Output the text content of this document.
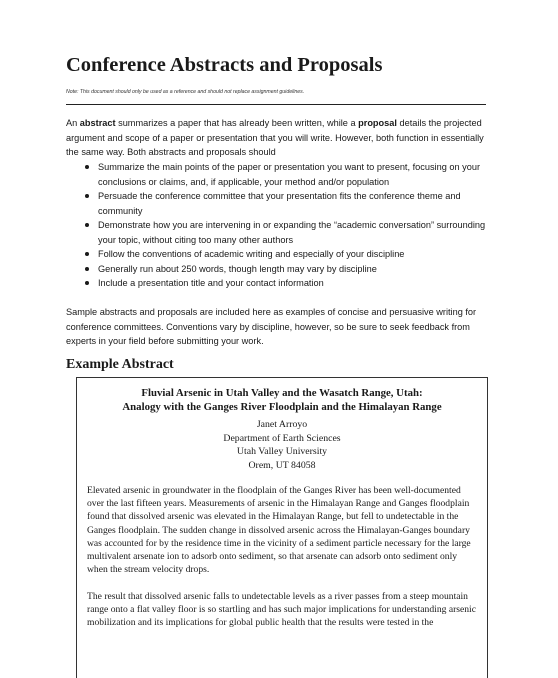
Conference Abstracts and Proposals
Note: This document should only be used as a reference and should not replace assignment guidelines.

An abstract summarizes a paper that has already been written, while a proposal details the projected argument and scope of a paper or presentation that you will write. However, both function in essentially the same way. Both abstracts and proposals should

Summarize the main points of the paper or presentation you want to present, focusing on your conclusions or claims, and, if applicable, your method and/or population
Persuade the conference committee that your presentation fits the conference theme and community
Demonstrate how you are intervening in or expanding the “academic conversation” surrounding your topic, without citing too many other authors
Follow the conventions of academic writing and especially of your discipline
Generally run about 250 words, though length may vary by discipline
Include a presentation title and your contact information

Sample abstracts and proposals are included here as examples of concise and persuasive writing for conference committees. Conventions vary by discipline, however, so be sure to seek feedback from experts in your field before submitting your work.

Example Abstract
Fluvial Arsenic in Utah Valley and the Wasatch Range, Utah:
Analogy with the Ganges River Floodplain and the Himalayan Range
Janet Arroyo
Department of Earth Sciences
Utah Valley University
Orem, UT 84058

Elevated arsenic in groundwater in the floodplain of the Ganges River has been well-documented over the last fifteen years. Measurements of arsenic in the Himalayan Range and Ganges floodplain found that dissolved arsenic was elevated in the Himalayan Range, but fell to undetectable in the Ganges floodplain. The sudden change in dissolved arsenic across the Himalayan-Ganges boundary was accounted for by the residence time in the vicinity of a sediment particle necessary for the large multivalent arsenate ion to adsorb onto sediment, so that arsenate can adsorb onto sediment only when the stream velocity drops.

The result that dissolved arsenic falls to undetectable levels as a river passes from a steep mountain range onto a flat valley floor is so startling and has such major implications for understanding arsenic mobilization and its implications for global public health that the results were tested in the
